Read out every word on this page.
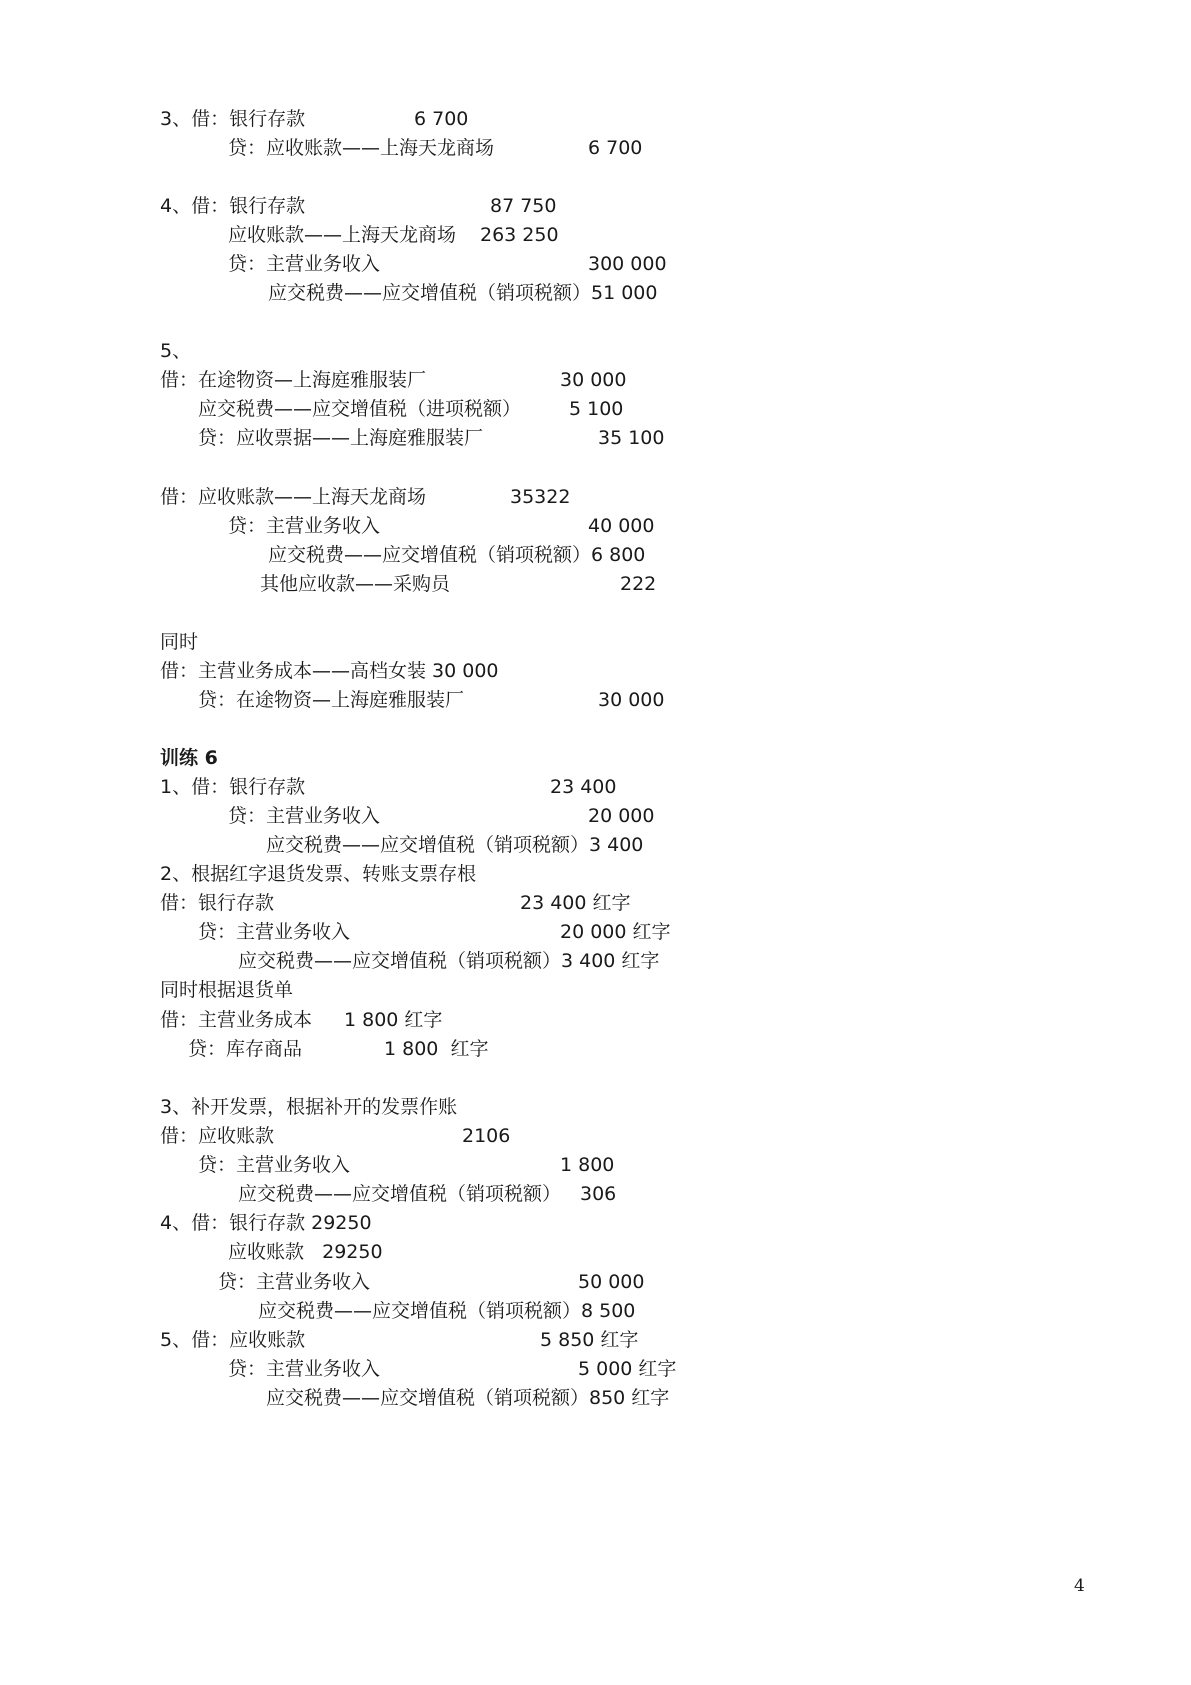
3、借：银行存款	6 700
贷：应收账款——上海天龙商场	6 700
4、借：银行存款	87 750
应收账款——上海天龙商场 263 250
贷：主营业务收入	300 000
应交税费——应交增值税（销项税额）51 000
5、
借：在途物资—上海庭雅服装厂	30 000
应交税费——应交增值税（进项税额）	5 100
贷：应收票据——上海庭雅服装厂	35 100
借：应收账款——上海天龙商场	35322
贷：主营业务收入	40 000
应交税费——应交增值税（销项税额）6 800
其他应收款——采购员	222
同时
借：主营业务成本——高档女装 30 000
贷：在途物资—上海庭雅服装厂	30 000
训练 6
1、借：银行存款	23 400
贷：主营业务收入	20 000
应交税费——应交增值税（销项税额）3 400
2、根据红字退货发票、转账支票存根
借：银行存款	23 400 红字
贷：主营业务收入	20 000 红字
应交税费——应交增值税（销项税额）3 400 红字
同时根据退货单
借：主营业务成本 1 800 红字
贷：库存商品	1 800  红字
3、补开发票，根据补开的发票作账
借：应收账款	2106
贷：主营业务收入	1 800
应交税费——应交增值税（销项税额） 306
4、借：银行存款 29250
应收账款   29250
贷：主营业务收入	50 000
应交税费——应交增值税（销项税额）8 500
5、借：应收账款	5 850 红字
贷：主营业务收入	5 000 红字
应交税费——应交增值税（销项税额）850 红字
4
